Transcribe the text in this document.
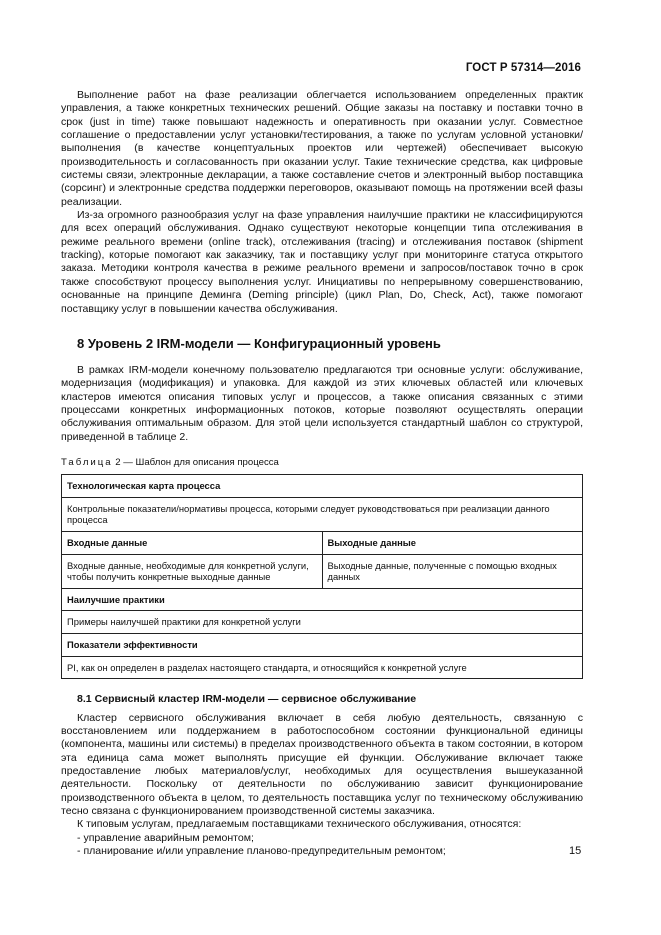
ГОСТ Р 57314—2016

Выполнение работ на фазе реализации облегчается использованием определенных практик управления, а также конкретных технических решений. Общие заказы на поставку и поставки точно в срок (just in time) также повышают надежность и оперативность при оказании услуг. Совместное соглашение о предоставлении услуг установки/тестирования, а также по услугам условной установки/выполнения (в качестве концептуальных проектов или чертежей) обеспечивает высокую производительность и согласованность при оказании услуг. Такие технические средства, как цифровые системы связи, электронные декларации, а также составление счетов и электронный выбор поставщика (сорсинг) и электронные средства поддержки переговоров, оказывают помощь на протяжении всей фазы реализации.

Из-за огромного разнообразия услуг на фазе управления наилучшие практики не классифицируются для всех операций обслуживания. Однако существуют некоторые концепции типа отслеживания в режиме реального времени (online track), отслеживания (tracing) и отслеживания поставок (shipment tracking), которые помогают как заказчику, так и поставщику услуг при мониторинге статуса открытого заказа. Методики контроля качества в режиме реального времени и запросов/поставок точно в срок также способствуют процессу выполнения услуг. Инициативы по непрерывному совершенствованию, основанные на принципе Деминга (Deming principle) (цикл Plan, Do, Check, Act), также помогают поставщику услуг в повышении качества обслуживания.

8 Уровень 2 IRM-модели — Конфигурационный уровень

В рамках IRM-модели конечному пользователю предлагаются три основные услуги: обслуживание, модернизация (модификация) и упаковка. Для каждой из этих ключевых областей или ключевых кластеров имеются описания типовых услуг и процессов, а также описания связанных с этими процессами конкретных информационных потоков, которые позволяют осуществлять операции обслуживания оптимальным образом. Для этой цели используется стандартный шаблон со структурой, приведенной в таблице 2.

Таблица 2 — Шаблон для описания процесса
Технологическая карта процесса	
Контрольные показатели/нормативы процесса, которыми следует руководствоваться при реализации данного процесса	
Входные данные	Выходные данные
Входные данные, необходимые для конкретной услуги, чтобы получить конкретные выходные данные	Выходные данные, полученные с помощью входных данных
Наилучшие практики	
Примеры наилучшей практики для конкретной услуги	
Показатели эффективности	
PI, как он определен в разделах настоящего стандарта, и относящийся к конкретной услуге	
8.1 Сервисный кластер IRM-модели — сервисное обслуживание

Кластер сервисного обслуживания включает в себя любую деятельность, связанную с восстановлением или поддержанием в работоспособном состоянии функциональной единицы (компонента, машины или системы) в пределах производственного объекта в таком состоянии, в котором эта единица сама может выполнять присущие ей функции. Обслуживание включает также предоставление любых материалов/услуг, необходимых для осуществления вышеуказанной деятельности. Поскольку от деятельности по обслуживанию зависит функционирование производственного объекта в целом, то деятельность поставщика услуг по техническому обслуживанию тесно связана с функционированием производственной системы заказчика.

К типовым услугам, предлагаемым поставщиками технического обслуживания, относятся:

- управление аварийным ремонтом;
- планирование и/или управление планово-предупредительным ремонтом;	15
